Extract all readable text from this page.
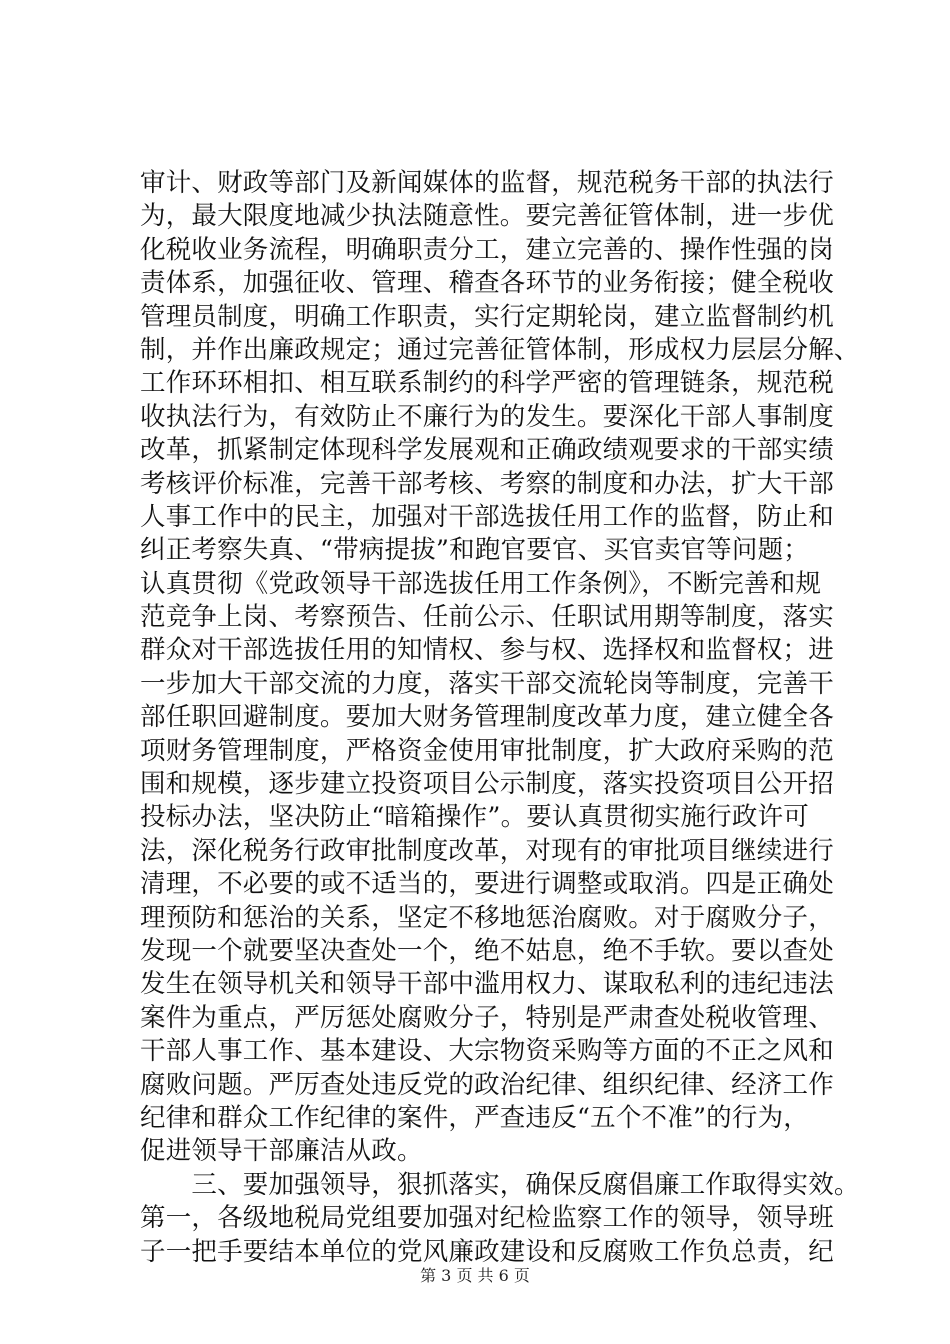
审计、财政等部门及新闻媒体的监督，规范税务干部的执法行
为，最大限度地减少执法随意性。要完善征管体制，进一步优
化税收业务流程，明确职责分工，建立完善的、操作性强的岗
责体系，加强征收、管理、稽查各环节的业务衔接；健全税收
管理员制度，明确工作职责，实行定期轮岗，建立监督制约机
制，并作出廉政规定；通过完善征管体制，形成权力层层分解、
工作环环相扣、相互联系制约的科学严密的管理链条，规范税
收执法行为，有效防止不廉行为的发生。要深化干部人事制度
改革，抓紧制定体现科学发展观和正确政绩观要求的干部实绩
考核评价标准，完善干部考核、考察的制度和办法，扩大干部
人事工作中的民主，加强对干部选拔任用工作的监督，防止和
纠正考察失真、“带病提拔”和跑官要官、买官卖官等问题；
认真贯彻《党政领导干部选拔任用工作条例》，不断完善和规
范竞争上岗、考察预告、任前公示、任职试用期等制度，落实
群众对干部选拔任用的知情权、参与权、选择权和监督权；进
一步加大干部交流的力度，落实干部交流轮岗等制度，完善干
部任职回避制度。要加大财务管理制度改革力度，建立健全各
项财务管理制度，严格资金使用审批制度，扩大政府采购的范
围和规模，逐步建立投资项目公示制度，落实投资项目公开招
投标办法，坚决防止“暗箱操作”。要认真贯彻实施行政许可
法，深化税务行政审批制度改革，对现有的审批项目继续进行
清理，不必要的或不适当的，要进行调整或取消。四是正确处
理预防和惩治的关系，坚定不移地惩治腐败。对于腐败分子，
发现一个就要坚决查处一个，绝不姑息，绝不手软。要以查处
发生在领导机关和领导干部中滥用权力、谋取私利的违纪违法
案件为重点，严厉惩处腐败分子，特别是严肃查处税收管理、
干部人事工作、基本建设、大宗物资采购等方面的不正之风和
腐败问题。严厉查处违反党的政治纪律、组织纪律、经济工作
纪律和群众工作纪律的案件，严查违反“五个不准”的行为，
促进领导干部廉洁从政。
　　三、要加强领导，狠抓落实，确保反腐倡廉工作取得实效。
第一，各级地税局党组要加强对纪检监察工作的领导，领导班
子一把手要结本单位的党风廉政建设和反腐败工作负总责，纪
第 3 页 共 6 页
